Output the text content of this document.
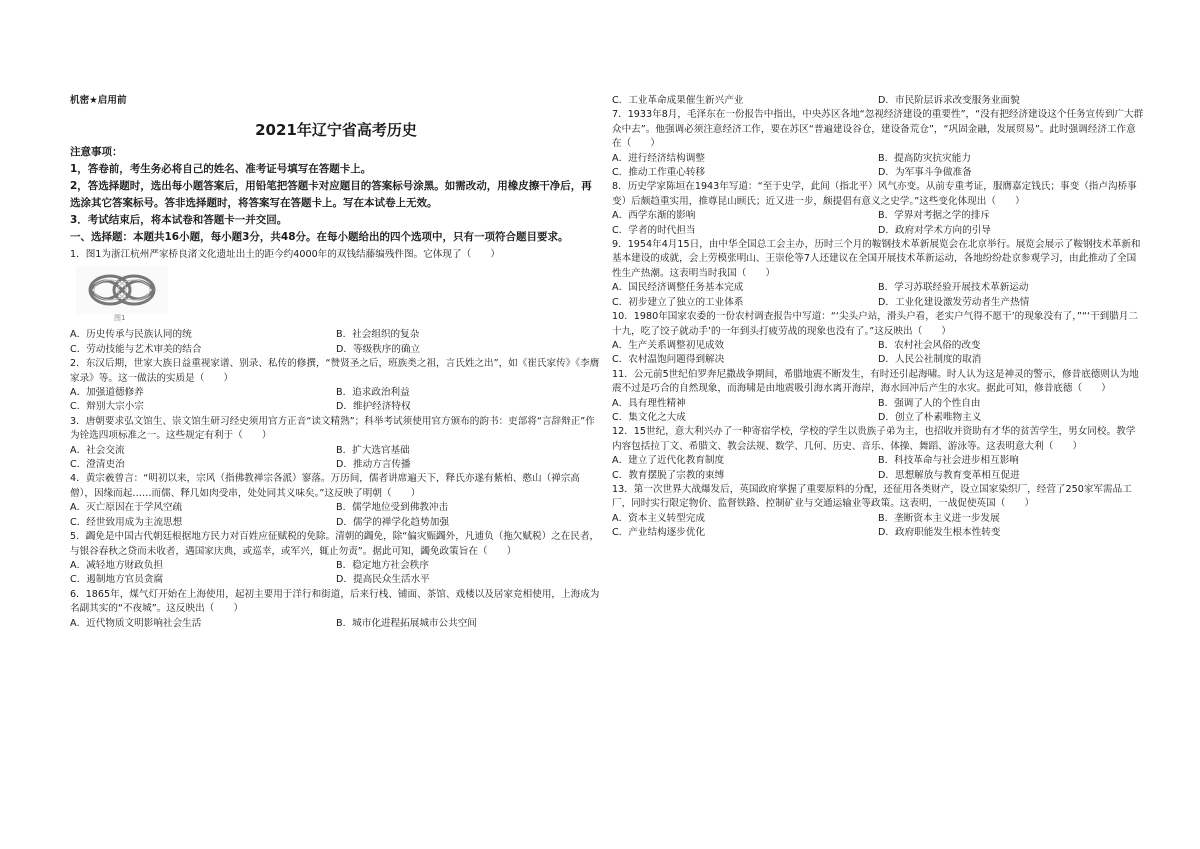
机密★启用前
2021年辽宁省高考历史
注意事项：
1，答卷前，考生务必将自己的姓名、准考证号填写在答题卡上。
2，答选择题时，选出每小题答案后，用铅笔把答题卡对应题目的答案标号涂黑。如需改动，用橡皮擦干净后，再选涂其它答案标号。答非选择题时，将答案写在答题卡上。写在本试卷上无效。
3．考试结束后，将本试卷和答题卡一并交回。
一、选择题：本题共16小题，每小题3分，共48分。在每小题给出的四个选项中，只有一项符合题目要求。

1．图1为浙江杭州严家桥良渚文化遗址出土的距今约4000年的双钱结藤编残件图。它体现了（　　）

图1
A．历史传承与民族认同的统	B．社会组织的复杂
C．劳动技能与艺术审美的结合	D．等级秩序的确立

2．东汉后期，世家大族日益重视家谱、别录、私传的修撰，“赞贤圣之后，班族类之祖，言氏姓之出”，如《崔氏家传》《李膺家录》等。这一做法的实质是（　　）

A．加强道德修养	B．追求政治利益
C．辩别大宗小宗	D．维护经济特权

3．唐朝要求弘文馆生、崇文馆生研习经史须用官方正音“读文精熟”；科举考试须使用官方颁布的韵书：吏部将“言辞辩正”作为铨选四项标准之一。这些规定有利于（　　）

A．社会交流	B．扩大选官基础
C．澄清吏治	D．推动方言传播

4．黄宗羲曾言：“明初以来，宗风（指佛教禅宗各派）寥落。万历间，儒者讲席遍天下，释氏亦遂有紫柏、憨山（禅宗高僧），因缘而起……而儒、释几如肉受串，处处同其义味矣。”这反映了明朝（　　）

A．灭亡原因在于学风空疏	B．儒学地位受到佛教冲击
C．经世致用成为主流思想	D．儒学的禅学化趋势加强

5．蠲免是中国古代朝廷根据地方民力对百姓应征赋税的免除。清朝的蠲免，除“偏灾赈蠲外，凡逋负（拖欠赋税）之在民者，与银谷春秋之贷而未收者，遇国家庆典，或巡幸，或军兴，辄止勿责”。据此可知，蠲免政策旨在（　　）

A．减轻地方财政负担	B．稳定地方社会秩序
C．遏制地方官员贪腐	D．提高民众生活水平

6．1865年，煤气灯开始在上海使用，起初主要用于洋行和街道，后来行栈、铺面、茶馆、戏楼以及居家竞相使用，上海成为名副其实的“不夜城”。这反映出（　　）

A．近代物质文明影响社会生活	B．城市化进程拓展城市公共空间
C．工业革命成果催生新兴产业	D．市民阶层诉求改变服务业面貌

7．1933年8月，毛泽东在一份报告中指出，中央苏区各地“忽视经济建设的重要性”，“没有把经济建设这个任务宣传到广大群众中去”。他强调必须注意经济工作，要在苏区“普遍建设谷仓，建设备荒仓”，“巩固金融，发展贸易”。此时强调经济工作意在（　　）

A．进行经济结构调整	B．提高防灾抗灾能力
C．推动工作重心转移	D．为军事斗争做准备

8．历史学家陈垣在1943年写道：“至于史学，此间（指北平）风气亦变。从前专重考证，服膺嘉定钱氏；事变（指卢沟桥事变）后颇趋重实用，推尊昆山顾氏；近又进一步，颇提倡有意义之史学。”这些变化体现出（　　）

A．西学东渐的影响	B．学界对考据之学的排斥
C．学者的时代担当	D．政府对学术方向的引导

9．1954年4月15日，由中华全国总工会主办，历时三个月的鞍钢技术革新展览会在北京举行。展览会展示了鞍钢技术革新和基本建设的成就，会上劳模张明山、王崇伦等7人还建议在全国开展技术革新运动，各地纷纷赴京参观学习，由此推动了全国性生产热潮。这表明当时我国（　　）

A．国民经济调整任务基本完成	B．学习苏联经验开展技术革新运动
C．初步建立了独立的工业体系	D．工业化建设激发劳动者生产热情

10．1980年国家农委的一份农村调查报告中写道：“‘尖头户站，滑头户看，老实户气得不愿干’的现象没有了，”“‘干到腊月二十九，吃了饺子就动手’的一年到头打疲劳战的现象也没有了。”这反映出（　　）

A．生产关系调整初见成效	B．农村社会风俗的改变
C．农村温饱问题得到解决	D．人民公社制度的取消

11．公元前5世纪伯罗奔尼撒战争期间，希腊地震不断发生，有时还引起海啸。时人认为这是神灵的警示，修昔底德则认为地震不过是巧合的自然现象，而海啸是由地震吸引海水离开海岸，海水回冲后产生的水灾。据此可知，修昔底德（　　）

A．具有理性精神	B．强调了人的个性自由
C．集文化之大成	D．创立了朴素唯物主义

12．15世纪，意大利兴办了一种寄宿学校，学校的学生以贵族子弟为主，也招收并资助有才华的贫苦学生，男女同校。教学内容包括拉丁文、希腊文、教会法规、数学、几何、历史、音乐、体操、舞蹈、游泳等。这表明意大利（　　）

A．建立了近代化教育制度	B．科技革命与社会进步相互影响
C．教育摆脱了宗教的束缚	D．思想解放与教育变革相互促进

13．第一次世界大战爆发后，英国政府掌握了重要原料的分配，还征用各类财产，设立国家染织厂，经营了250家军需品工厂，同时实行限定物价、监督铁路、控制矿业与交通运输业等政策。这表明，一战促使英国（　　）

A．资本主义转型完成	B．垄断资本主义进一步发展
C．产业结构逐步优化	D．政府职能发生根本性转变
